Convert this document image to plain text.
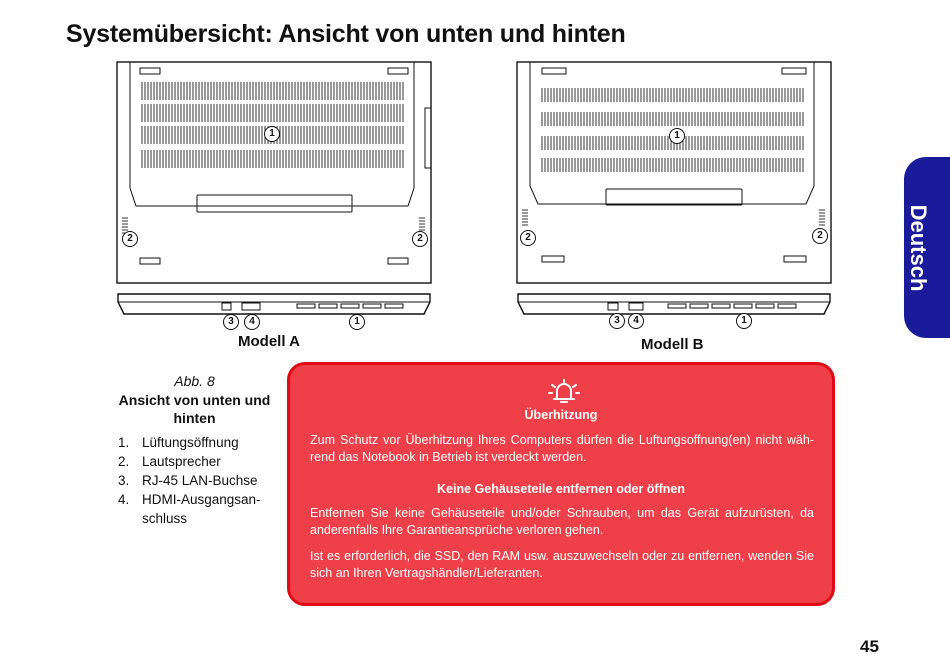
Systemübersicht: Ansicht von unten und hinten
Deutsch
1
2	2
3	4	1
Modell A
1
2	2
3	4	1
Modell B
Abb. 8
Ansicht von unten und hinten
1. Lüftungsöffnung
2. Lautsprecher
3. RJ-45 LAN-Buchse
4. HDMI-Ausgangsan-schluss
Überhitzung
Zum Schutz vor Überhitzung Ihres Computers dürfen die Luftungsoffnung(en) nicht wäh-rend das Notebook in Betrieb ist verdeckt werden.
Keine Gehäuseteile entfernen oder öffnen
Entfernen Sie keine Gehäuseteile und/oder Schrauben, um das Gerät aufzurüsten, da anderenfalls Ihre Garantieansprüche verloren gehen.
Ist es erforderlich, die SSD, den RAM usw. auszuwechseln oder zu entfernen, wenden Sie sich an Ihren Vertragshändler/Lieferanten.
45
